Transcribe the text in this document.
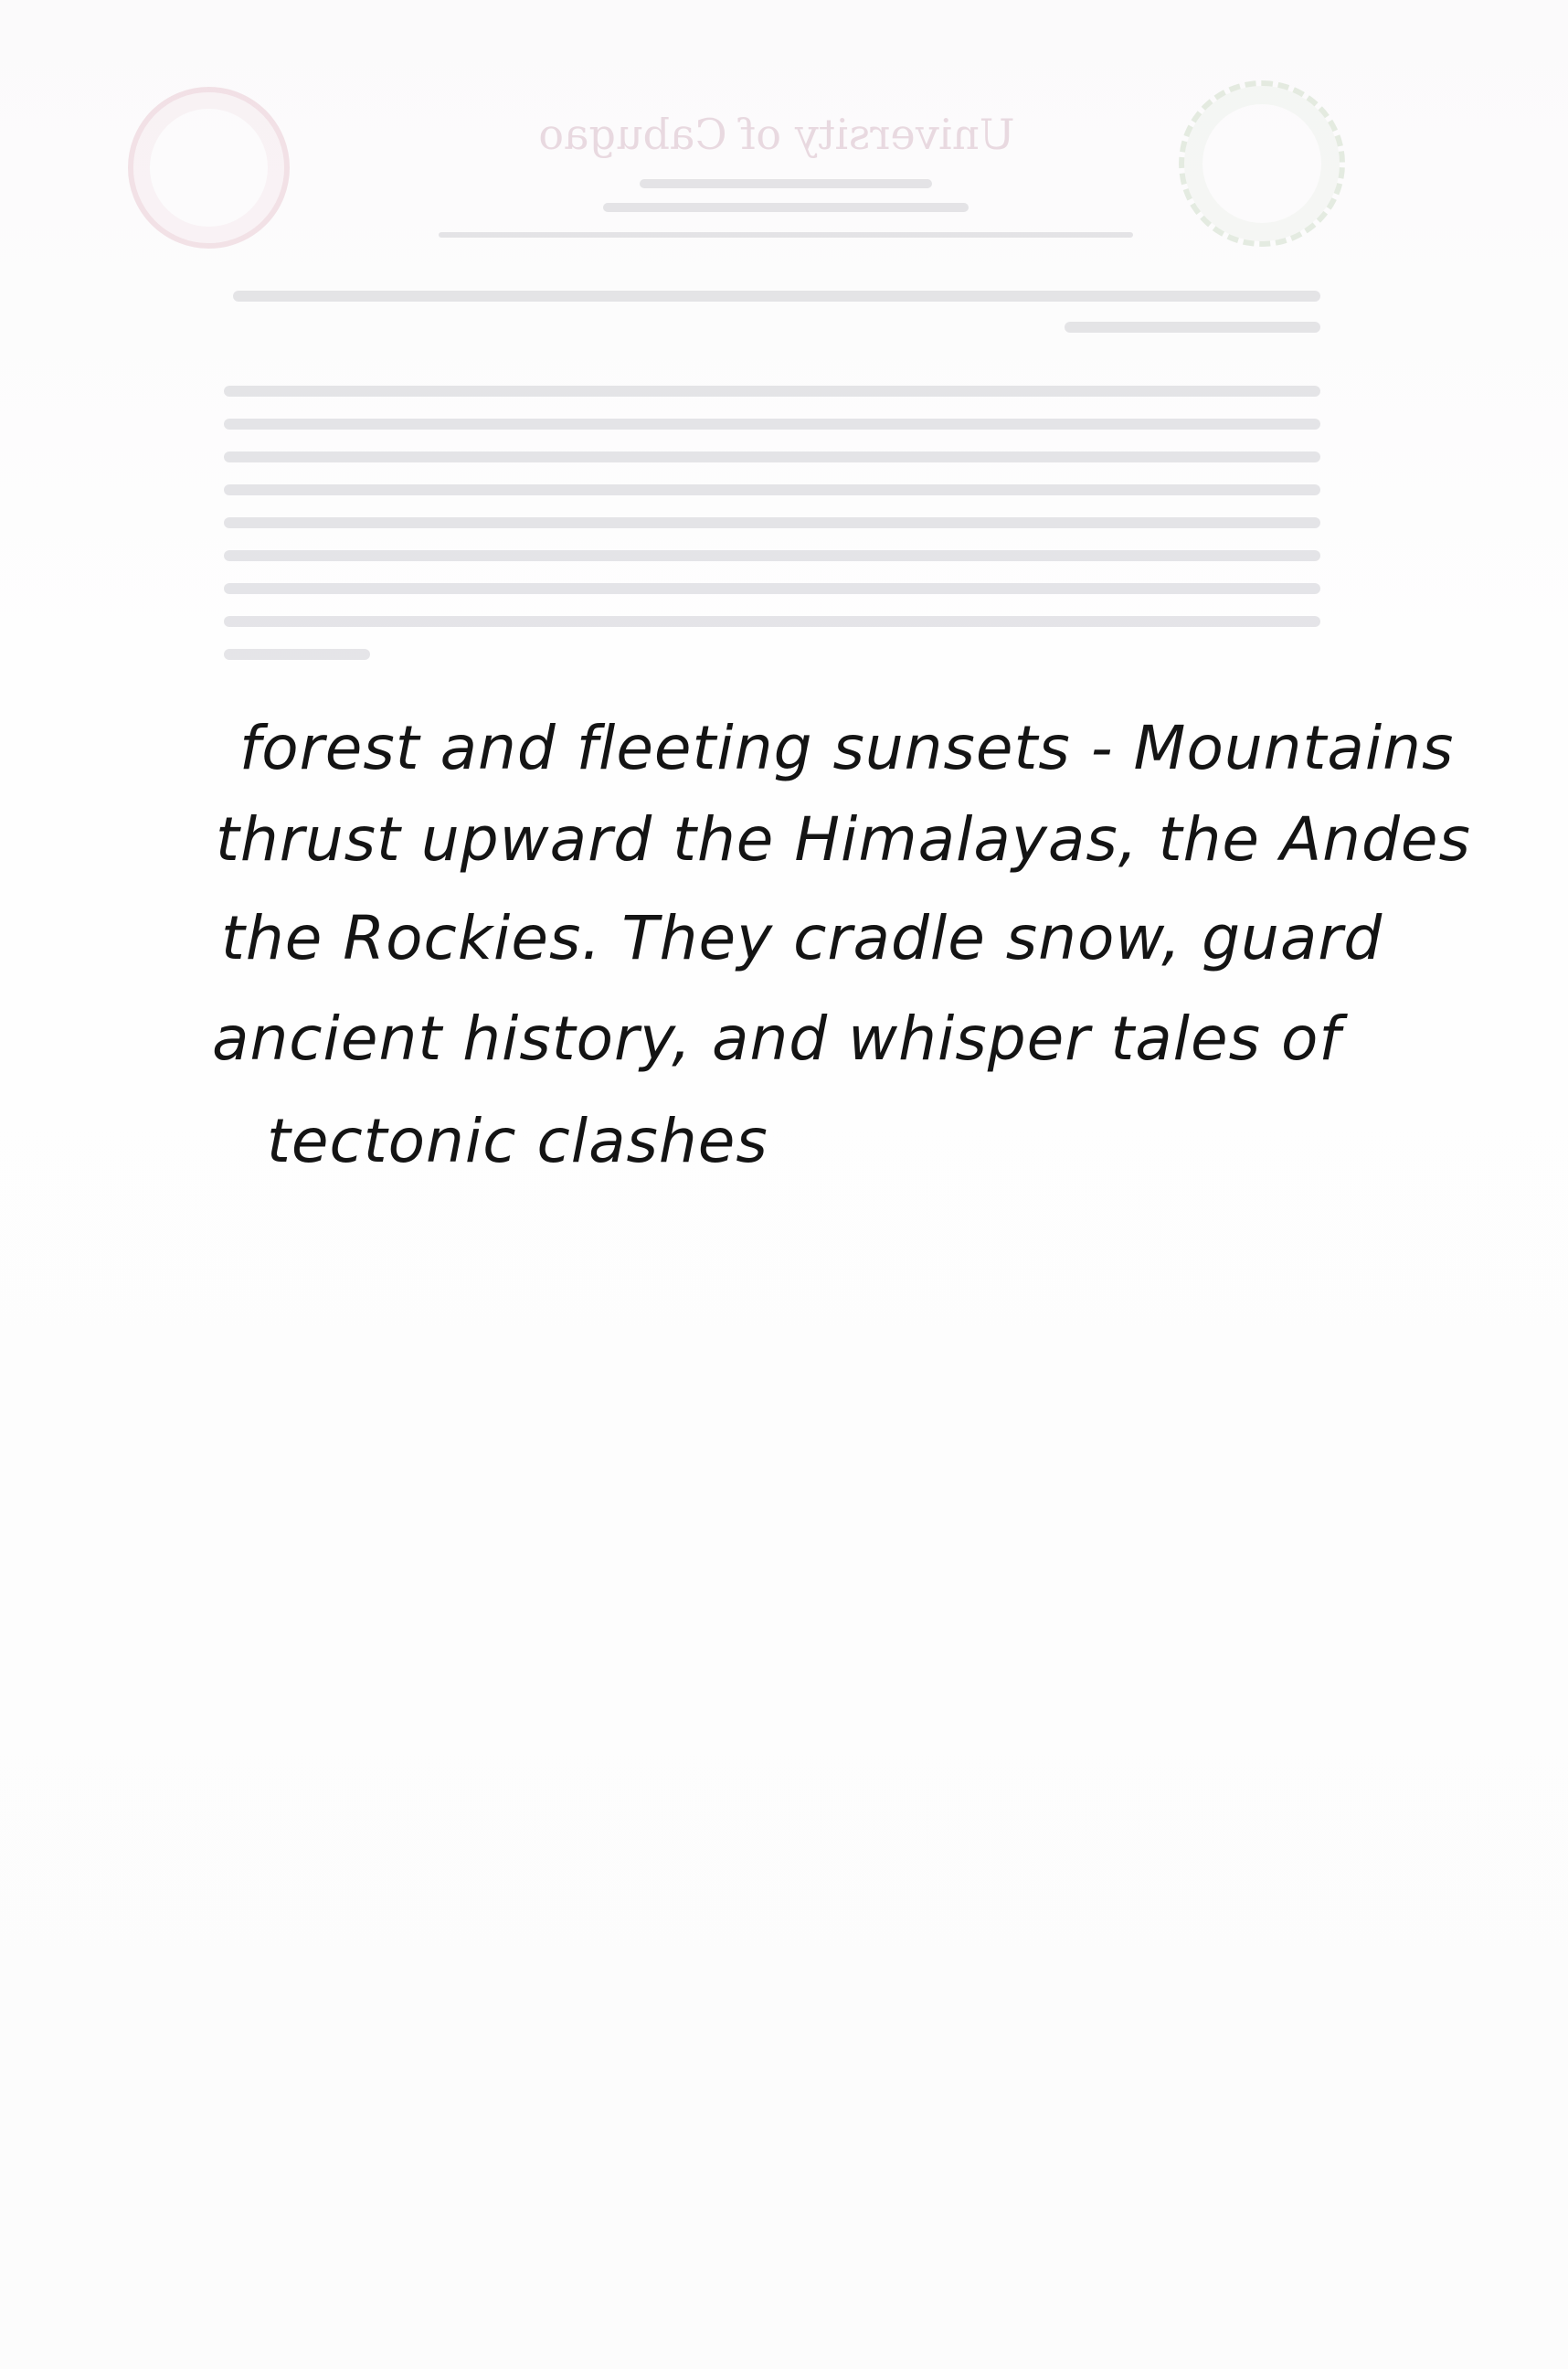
University of Cabugao
forest and fleeting sunsets - Mountains
thrust upward the Himalayas, the Andes
the Rockies. They cradle snow, guard
ancient history, and whisper tales of
tectonic clashes
